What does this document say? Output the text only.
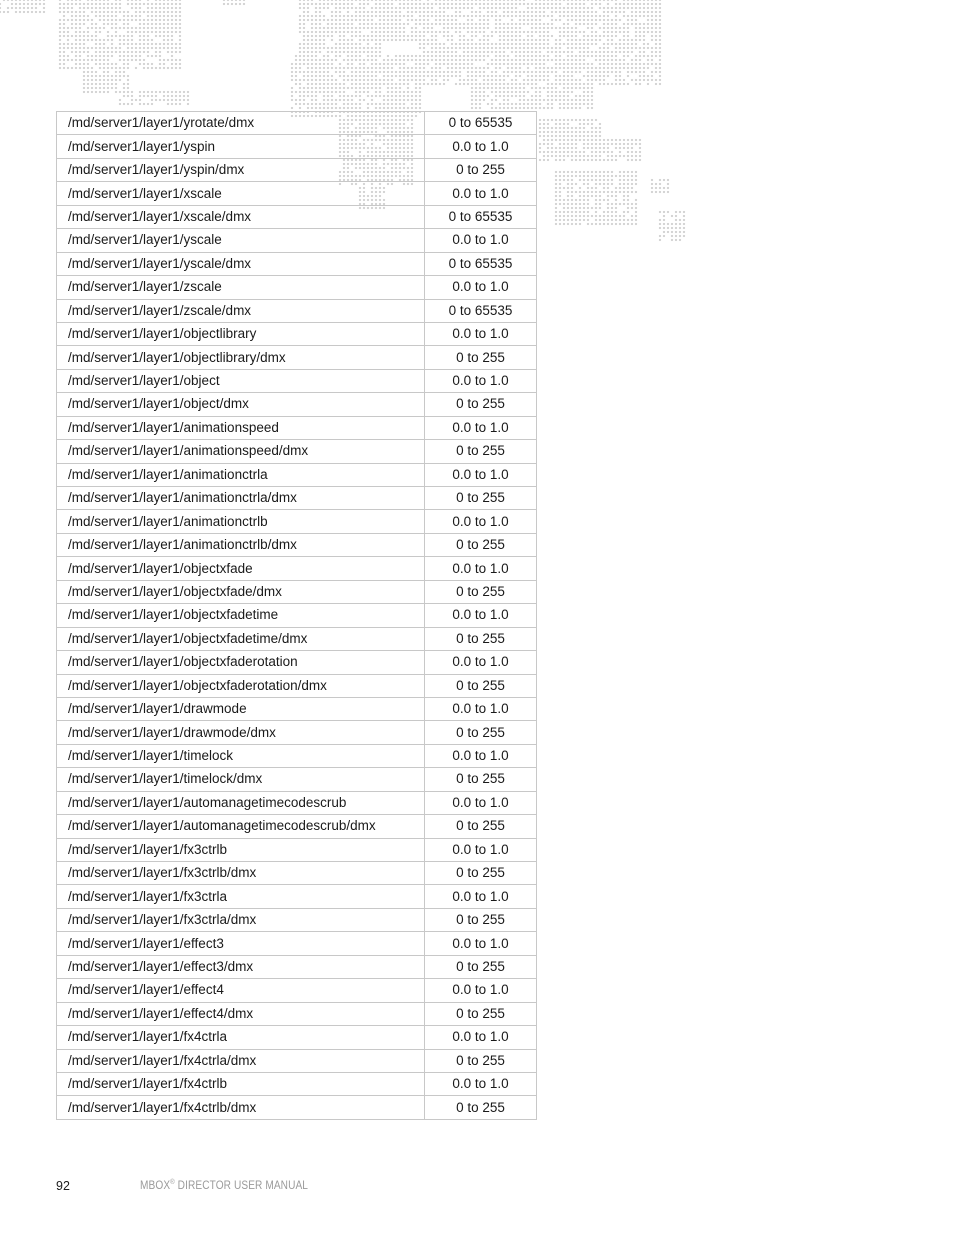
/md/server1/layer1/yrotate/dmx	0 to 65535
/md/server1/layer1/yspin	0.0 to 1.0
/md/server1/layer1/yspin/dmx	0 to 255
/md/server1/layer1/xscale	0.0 to 1.0
/md/server1/layer1/xscale/dmx	0 to 65535
/md/server1/layer1/yscale	0.0 to 1.0
/md/server1/layer1/yscale/dmx	0 to 65535
/md/server1/layer1/zscale	0.0 to 1.0
/md/server1/layer1/zscale/dmx	0 to 65535
/md/server1/layer1/objectlibrary	0.0 to 1.0
/md/server1/layer1/objectlibrary/dmx	0 to 255
/md/server1/layer1/object	0.0 to 1.0
/md/server1/layer1/object/dmx	0 to 255
/md/server1/layer1/animationspeed	0.0 to 1.0
/md/server1/layer1/animationspeed/dmx	0 to 255
/md/server1/layer1/animationctrla	0.0 to 1.0
/md/server1/layer1/animationctrla/dmx	0 to 255
/md/server1/layer1/animationctrlb	0.0 to 1.0
/md/server1/layer1/animationctrlb/dmx	0 to 255
/md/server1/layer1/objectxfade	0.0 to 1.0
/md/server1/layer1/objectxfade/dmx	0 to 255
/md/server1/layer1/objectxfadetime	0.0 to 1.0
/md/server1/layer1/objectxfadetime/dmx	0 to 255
/md/server1/layer1/objectxfaderotation	0.0 to 1.0
/md/server1/layer1/objectxfaderotation/dmx	0 to 255
/md/server1/layer1/drawmode	0.0 to 1.0
/md/server1/layer1/drawmode/dmx	0 to 255
/md/server1/layer1/timelock	0.0 to 1.0
/md/server1/layer1/timelock/dmx	0 to 255
/md/server1/layer1/automanagetimecodescrub	0.0 to 1.0
/md/server1/layer1/automanagetimecodescrub/dmx	0 to 255
/md/server1/layer1/fx3ctrlb	0.0 to 1.0
/md/server1/layer1/fx3ctrlb/dmx	0 to 255
/md/server1/layer1/fx3ctrla	0.0 to 1.0
/md/server1/layer1/fx3ctrla/dmx	0 to 255
/md/server1/layer1/effect3	0.0 to 1.0
/md/server1/layer1/effect3/dmx	0 to 255
/md/server1/layer1/effect4	0.0 to 1.0
/md/server1/layer1/effect4/dmx	0 to 255
/md/server1/layer1/fx4ctrla	0.0 to 1.0
/md/server1/layer1/fx4ctrla/dmx	0 to 255
/md/server1/layer1/fx4ctrlb	0.0 to 1.0
/md/server1/layer1/fx4ctrlb/dmx	0 to 255
92	MBOX® DIRECTOR USER MANUAL
